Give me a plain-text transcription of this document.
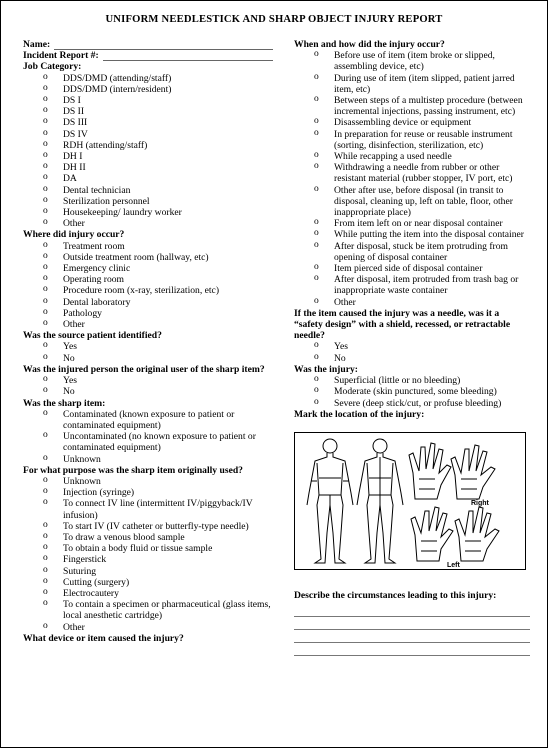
UNIFORM NEEDLESTICK AND SHARP OBJECT INJURY REPORT
Name:
Incident Report #:
Job Category:
o DDS/DMD (attending/staff)
o DDS/DMD (intern/resident)
o DS I
o DS II
o DS III
o DS IV
o RDH (attending/staff)
o DH I
o DH II
o DA
o Dental technician
o Sterilization personnel
o Housekeeping/ laundry worker
o Other
Where did injury occur?
o Treatment room
o Outside treatment room (hallway, etc)
o Emergency clinic
o Operating room
o Procedure room (x-ray, sterilization, etc)
o Dental laboratory
o Pathology
o Other
Was the source patient identified?
o Yes
o No
Was the injured person the original user of the sharp item?
o Yes
o No
Was the sharp item:
o Contaminated (known exposure to patient or contaminated equipment)
o Uncontaminated (no known exposure to patient or contaminated equipment)
o Unknown
For what purpose was the sharp item originally used?
o Unknown
o Injection (syringe)
o To connect IV line (intermittent IV/piggyback/IV infusion)
o To start IV (IV catheter or butterfly-type needle)
o To draw a venous blood sample
o To obtain a body fluid or tissue sample
o Fingerstick
o Suturing
o Cutting (surgery)
o Electrocautery
o To contain a specimen or pharmaceutical (glass items, local anesthetic cartridge)
o Other
What device or item caused the injury?
When and how did the injury occur?
o Before use of item (item broke or slipped, assembling device, etc)
o During use of item (item slipped, patient jarred item, etc)
o Between steps of a multistep procedure (between incremental injections, passing instrument, etc)
o Disassembling device or equipment
o In preparation for reuse or reusable instrument (sorting, disinfection, sterilization, etc)
o While recapping a used needle
o Withdrawing a needle from rubber or other resistant material (rubber stopper, IV port, etc)
o Other after use, before disposal (in transit to disposal, cleaning up, left on table, floor, other inappropriate place)
o From item left on or near disposal container
o While putting the item into the disposal container
o After disposal, stuck be item protruding from opening of disposal container
o Item pierced side of disposal container
o After disposal, item protruded from trash bag or inappropriate waste container
o Other
If the item caused the injury was a needle, was it a “safety design” with a shield, recessed, or retractable needle?
o Yes
o No
Was the injury:
o Superficial (little or no bleeding)
o Moderate (skin punctured, some bleeding)
o Severe (deep stick/cut, or profuse bleeding)
Mark the location of the injury:
Right
Left
Describe the circumstances leading to this injury:
